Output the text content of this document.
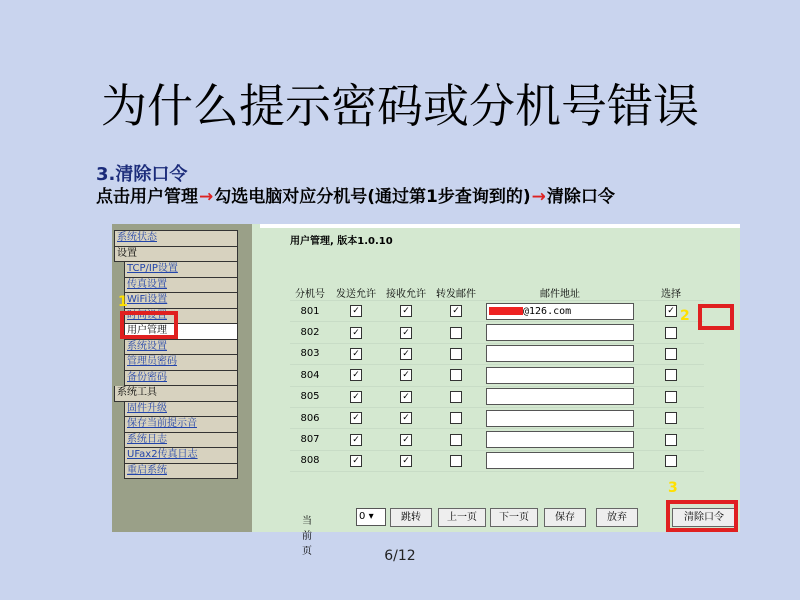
为什么提示密码或分机号错误
3.清除口令
点击用户管理→勾选电脑对应分机号(通过第1步查询到的)→清除口令
系统状态
设置
TCP/IP设置
传真设置
WiFi设置
时间设置
用户管理
系统设置
管理员密码
备份密码
系统工具
固件升级
保存当前提示音
系统日志
UFax2传真日志
重启系统
用户管理, 版本1.0.10
分机号	发送允许	接收允许	转发邮件	邮件地址	选择
801	✓	✓	✓	@126.com	✓
802	✓	✓			
803	✓	✓			
804	✓	✓			
805	✓	✓			
806	✓	✓			
807	✓	✓			
808	✓	✓			
当前页
0 ▾	跳转	上一页	下一页	保存	放弃	清除口令
1
2
3
6/12
